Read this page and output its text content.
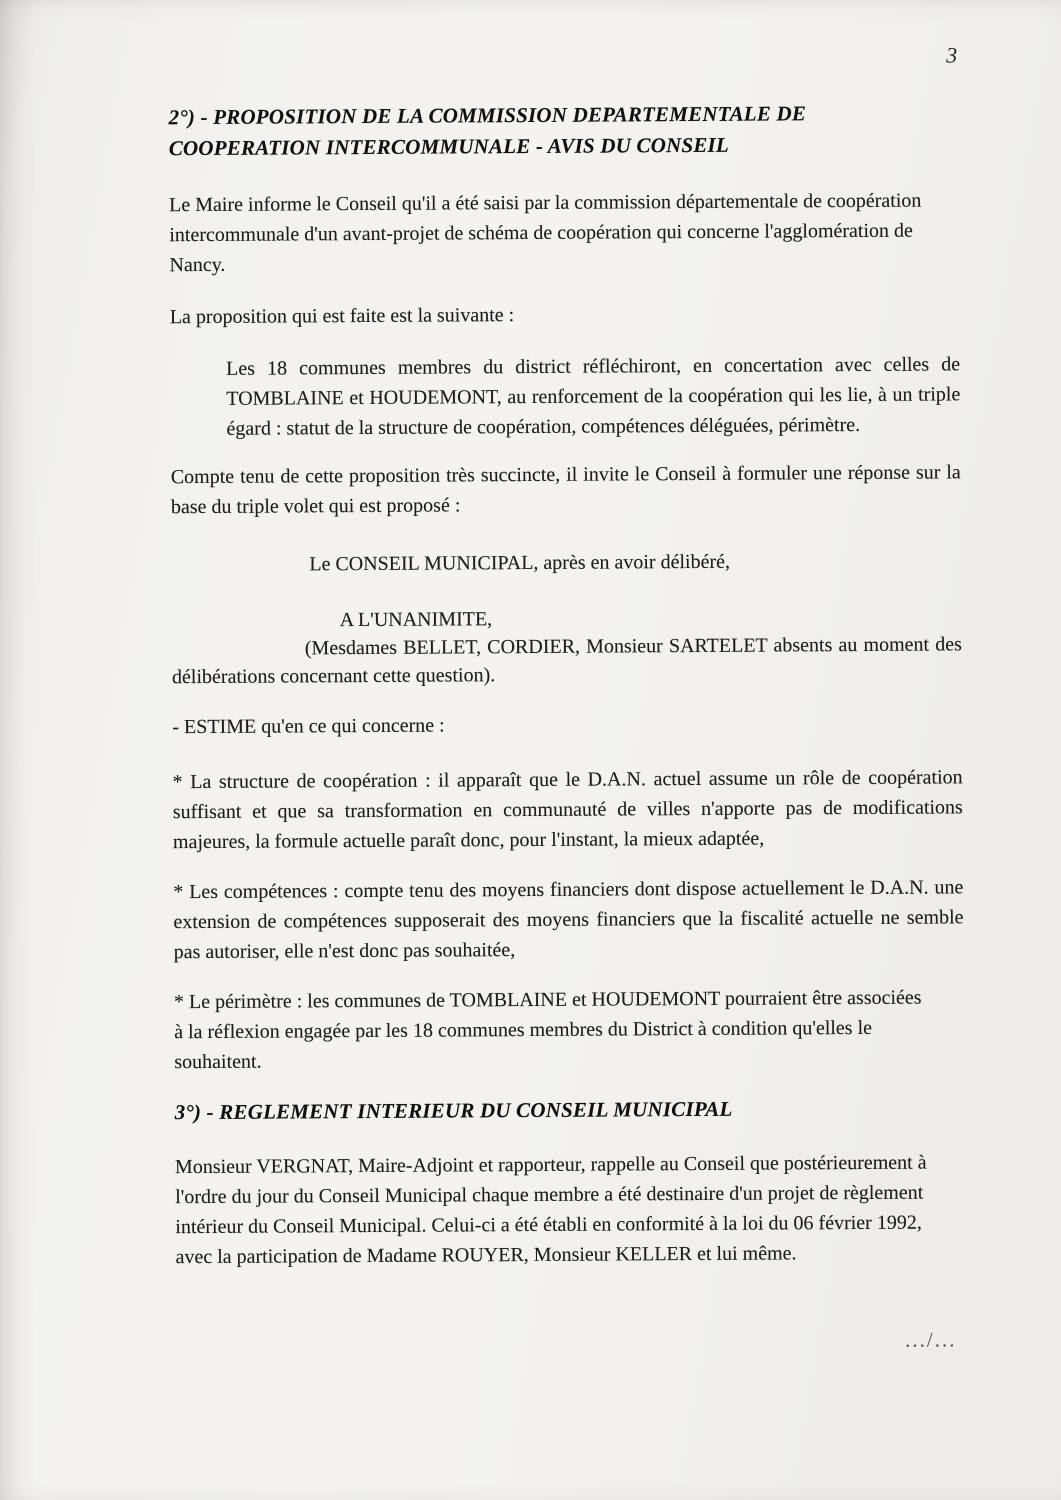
3
2°) - PROPOSITION DE LA COMMISSION DEPARTEMENTALE DE
COOPERATION INTERCOMMUNALE - AVIS DU CONSEIL

Le Maire informe le Conseil qu'il a été saisi par la commission départementale de coopération intercommunale d'un avant-projet de schéma de coopération qui concerne l'agglomération de Nancy.

La proposition qui est faite est la suivante :

Les 18 communes membres du district réfléchiront, en concertation avec celles de TOMBLAINE et HOUDEMONT, au renforcement de la coopération qui les lie, à un triple égard : statut de la structure de coopération, compétences déléguées, périmètre.

Compte tenu de cette proposition très succincte, il invite le Conseil à formuler une réponse sur la base du triple volet qui est proposé :

Le CONSEIL MUNICIPAL, après en avoir délibéré,

A L'UNANIMITE,

(Mesdames BELLET, CORDIER, Monsieur SARTELET absents au moment des délibérations concernant cette question).

- ESTIME qu'en ce qui concerne :

* La structure de coopération : il apparaît que le D.A.N. actuel assume un rôle de coopération suffisant et que sa transformation en communauté de villes n'apporte pas de modifications majeures, la formule actuelle paraît donc, pour l'instant, la mieux adaptée,

* Les compétences : compte tenu des moyens financiers dont dispose actuellement le D.A.N. une extension de compétences supposerait des moyens financiers que la fiscalité actuelle ne semble pas autoriser, elle n'est donc pas souhaitée,

* Le périmètre : les communes de TOMBLAINE et HOUDEMONT pourraient être associées à la réflexion engagée par les 18 communes membres du District à condition qu'elles le souhaitent.

3°) - REGLEMENT INTERIEUR DU CONSEIL MUNICIPAL

Monsieur VERGNAT, Maire-Adjoint et rapporteur, rappelle au Conseil que postérieurement à l'ordre du jour du Conseil Municipal chaque membre a été destinaire d'un projet de règlement intérieur du Conseil Municipal. Celui-ci a été établi en conformité à la loi du 06 février 1992, avec la participation de Madame ROUYER, Monsieur KELLER et lui même.

.../...
